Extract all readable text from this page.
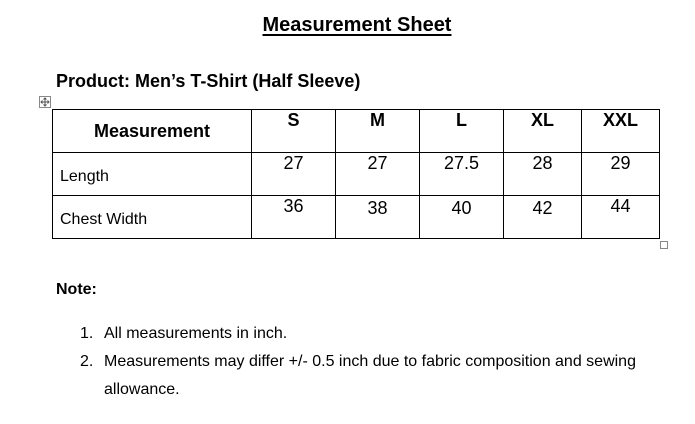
Measurement Sheet
Product: Men’s T-Shirt (Half Sleeve)
Measurement	S	M	L	XL	XXL

Length	27	27	27.5	28	29

Chest Width	36	38	40	42	44
Note:
1. All measurements in inch.
2. Measurements may differ +/- 0.5 inch due to fabric composition and sewing allowance.
